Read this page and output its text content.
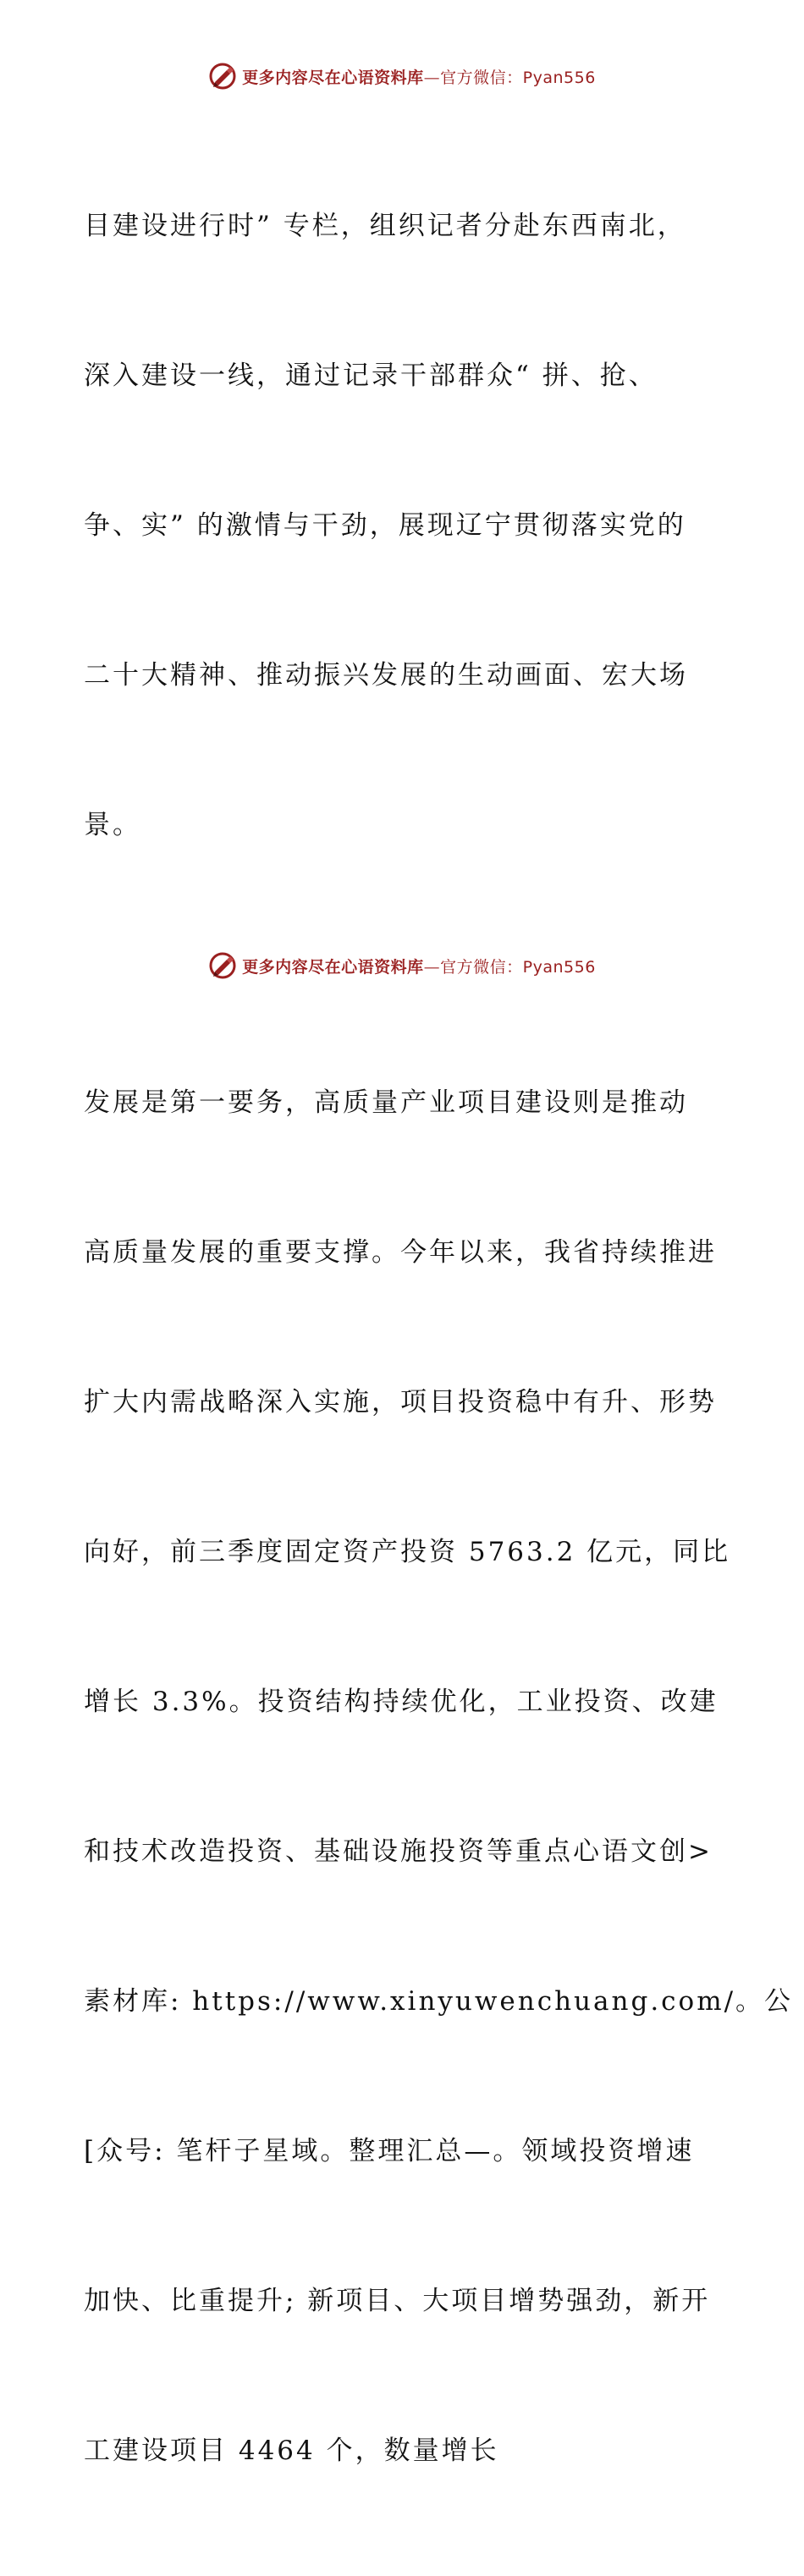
更多内容尽在心语资料库—官方微信：Pyan556

目建设进行时” 专栏，组织记者分赴东西南北，

深入建设一线，通过记录干部群众“ 拼、抢、

争、实” 的激情与干劲，展现辽宁贯彻落实党的

二十大精神、推动振兴发展的生动画面、宏大场

景。

发展是第一要务，高质量产业项目建设则是推动

高质量发展的重要支撑。今年以来，我省持续推进

扩大内需战略深入实施，项目投资稳中有升、形势

向好，前三季度固定资产投资 5763.2 亿元，同比

增长 3.3%。投资结构持续优化，工业投资、改建

和技术改造投资、基础设施投资等重点心语文创>

素材库: https://www.xinyuwenchuang.com/。公

[众号: 笔杆子星域。整理汇总—。领域投资增速

加快、比重提升; 新项目、大项目增势强劲，新开

工建设项目 4464 个，数量增长

更多内容尽在心语资料库—官方微信：Pyan556
